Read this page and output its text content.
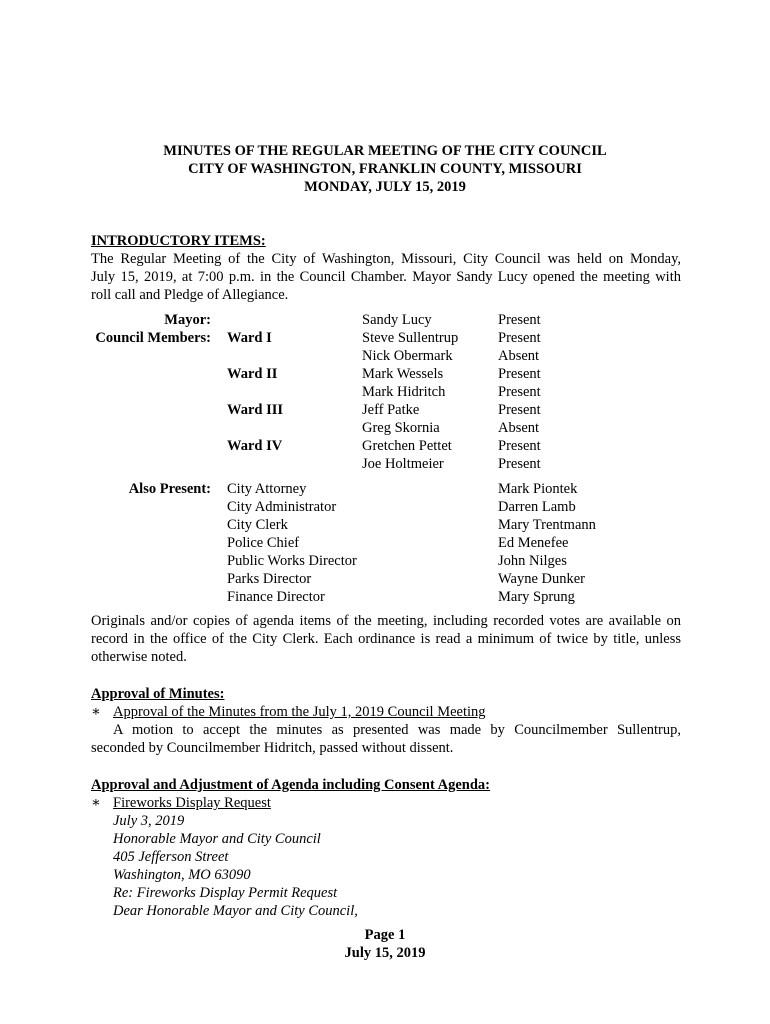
MINUTES OF THE REGULAR MEETING OF THE CITY COUNCIL
CITY OF WASHINGTON, FRANKLIN COUNTY, MISSOURI
MONDAY, JULY 15, 2019
INTRODUCTORY ITEMS:
The Regular Meeting of the City of Washington, Missouri, City Council was held on Monday,
July 15, 2019, at 7:00 p.m. in the Council Chamber. Mayor Sandy Lucy opened the meeting with
roll call and Pledge of Allegiance.
Mayor:	Sandy Lucy	Present
Council Members: Ward I	Steve Sullentrup	Present
Nick Obermark	Absent
Ward II	Mark Wessels	Present
Mark Hidritch	Present
Ward III	Jeff Patke	Present
Greg Skornia	Absent
Ward IV	Gretchen Pettet	Present
Joe Holtmeier	Present
Also Present: City Attorney	Mark Piontek
City Administrator	Darren Lamb
City Clerk	Mary Trentmann
Police Chief	Ed Menefee
Public Works Director	John Nilges
Parks Director	Wayne Dunker
Finance Director	Mary Sprung
Originals and/or copies of agenda items of the meeting, including recorded votes are available on
record in the office of the City Clerk. Each ordinance is read a minimum of twice by title, unless
otherwise noted.
Approval of Minutes:
∗ Approval of the Minutes from the July 1, 2019 Council Meeting
A motion to accept the minutes as presented was made by Councilmember Sullentrup,
seconded by Councilmember Hidritch, passed without dissent.
Approval and Adjustment of Agenda including Consent Agenda:
∗ Fireworks Display Request
July 3, 2019
Honorable Mayor and City Council
405 Jefferson Street
Washington, MO 63090
Re: Fireworks Display Permit Request
Dear Honorable Mayor and City Council,
Page 1
July 15, 2019
